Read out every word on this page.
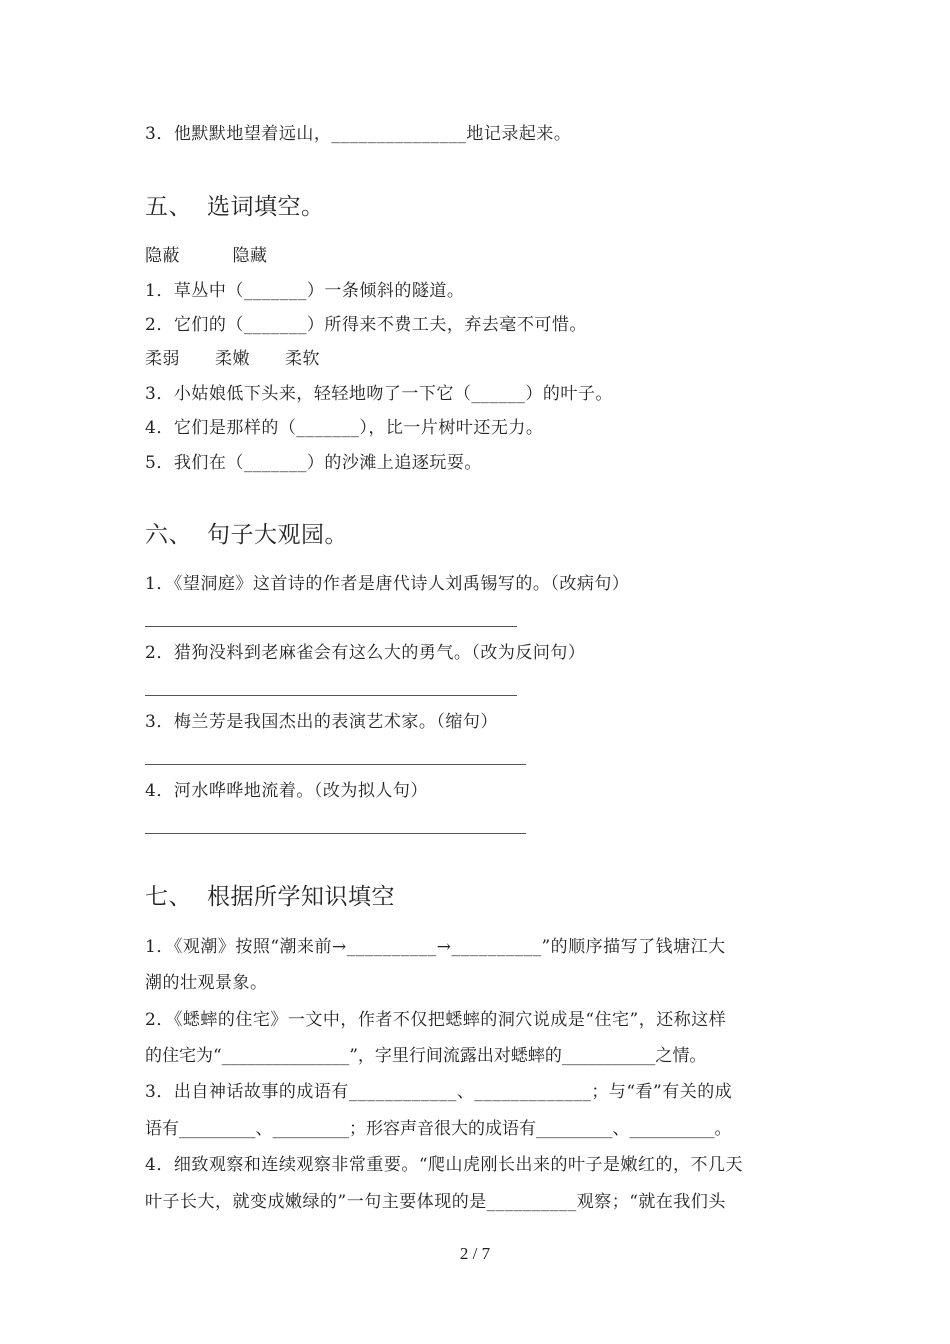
3．他默默地望着远山，_______________地记录起来。
五、 选词填空。
隐蔽　　　隐藏
1．草丛中（_______）一条倾斜的隧道。
2．它们的（_______）所得来不费工夫，弃去毫不可惜。
柔弱　　柔嫩　　柔软
3．小姑娘低下头来，轻轻地吻了一下它（______）的叶子。
4．它们是那样的（_______），比一片树叶还无力。
5．我们在（_______）的沙滩上追逐玩耍。
六、 句子大观园。
1．《望洞庭》这首诗的作者是唐代诗人刘禹锡写的。（改病句）
2．猎狗没料到老麻雀会有这么大的勇气。（改为反问句）
3．梅兰芳是我国杰出的表演艺术家。（缩句）
4．河水哗哗地流着。（改为拟人句）
七、 根据所学知识填空
1．《观潮》按照“潮来前→__________→__________”的顺序描写了钱塘江大
潮的壮观景象。
2．《蟋蟀的住宅》一文中，作者不仅把蟋蟀的洞穴说成是“住宅”，还称这样
的住宅为“_______________”，字里行间流露出对蟋蟀的___________之情。
3．出自神话故事的成语有____________、_____________；与“看”有关的成
语有_________、_________；形容声音很大的成语有_________、__________。
4．细致观察和连续观察非常重要。“爬山虎刚长出来的叶子是嫩红的，不几天
叶子长大，就变成嫩绿的”一句主要体现的是__________观察；“就在我们头
2 / 7
